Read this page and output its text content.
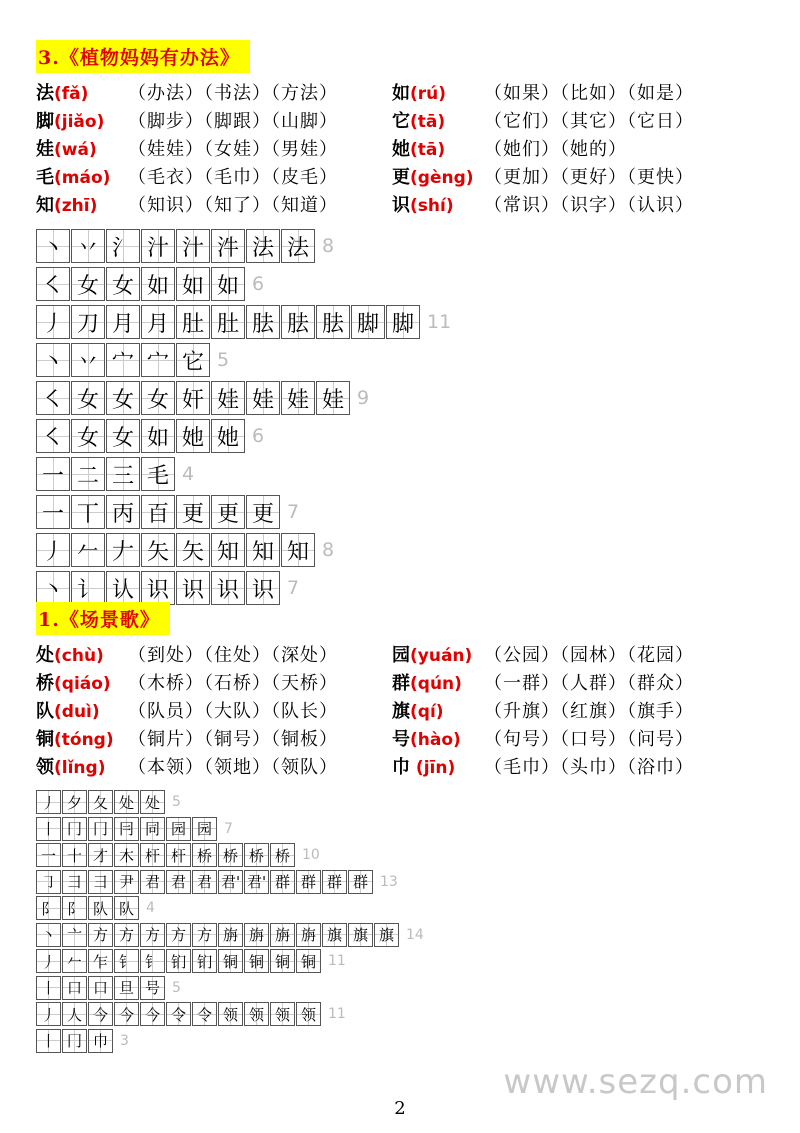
3.《植物妈妈有办法》
法(fǎ) （办法）（书法）（方法）	如(rú) （如果）（比如）（如是）
脚(jiǎo) （脚步）（脚跟）（山脚）	它(tā) （它们）（其它）（它日）
娃(wá) （娃娃）（女娃）（男娃）	她(tā) （她们）（她的）
毛(máo) （毛衣）（毛巾）（皮毛）	更(gèng) （更加）（更好）（更快）
知(zhī) （知识）（知了）（知道）	识(shí) （常识）（识字）（认识）
丶 丷 氵 汁 汁 汼 法 法 8
㇛ 女 女 如 如 如 6
丿 刀 月 月 肚 肚 胠 胠 胠 脚 脚 11
丶 丷 宀 宀 它 5
㇛ 女 女 女 奸 娃 娃 娃 娃 9
㇛ 女 女 如 她 她 6
一 二 三 毛 4
一 丅 丙 百 更 更 更 7
丿 𠂉 𠂇 矢 矢 知 知 知 8
丶 讠 认 识 识 识 识 7
1.《场景歌》
处(chù) （到处）（住处）（深处）	园(yuán) （公园）（园林）（花园）
桥(qiáo) （木桥）（石桥）（天桥）	群(qún) （一群）（人群）（群众）
队(duì) （队员）（大队）（队长）	旗(qí) （升旗）（红旗）（旗手）
铜(tóng) （铜片）（铜号）（铜板）	号(hào) （句号）（口号）（问号）
领(lǐng) （本领）（领地）（领队）	巾 (jīn) （毛巾）（头巾）（浴巾）
丿 夕 夂 处 处 5
丨 冂 冂 冃 同 园 园 7
一 十 才 木 杆 杆 桥 桥 桥 桥 10
㇆ 彐 彐 尹 君 君 君 君' 君' 群 群 群 群 13
阝 阝 队 队 4
丶 亠 方 方 方 方 方 旃 旃 旃 旃 旗 旗 旗 14
丿 𠂉 乍 钅 钅 钔 钔 铜 铜 铜 铜 11
丨 口 口 旦 号 5
丿 人 今 今 今 令 令 领 领 领 领 11
丨 冂 巾 3
www.sezq.com
2
